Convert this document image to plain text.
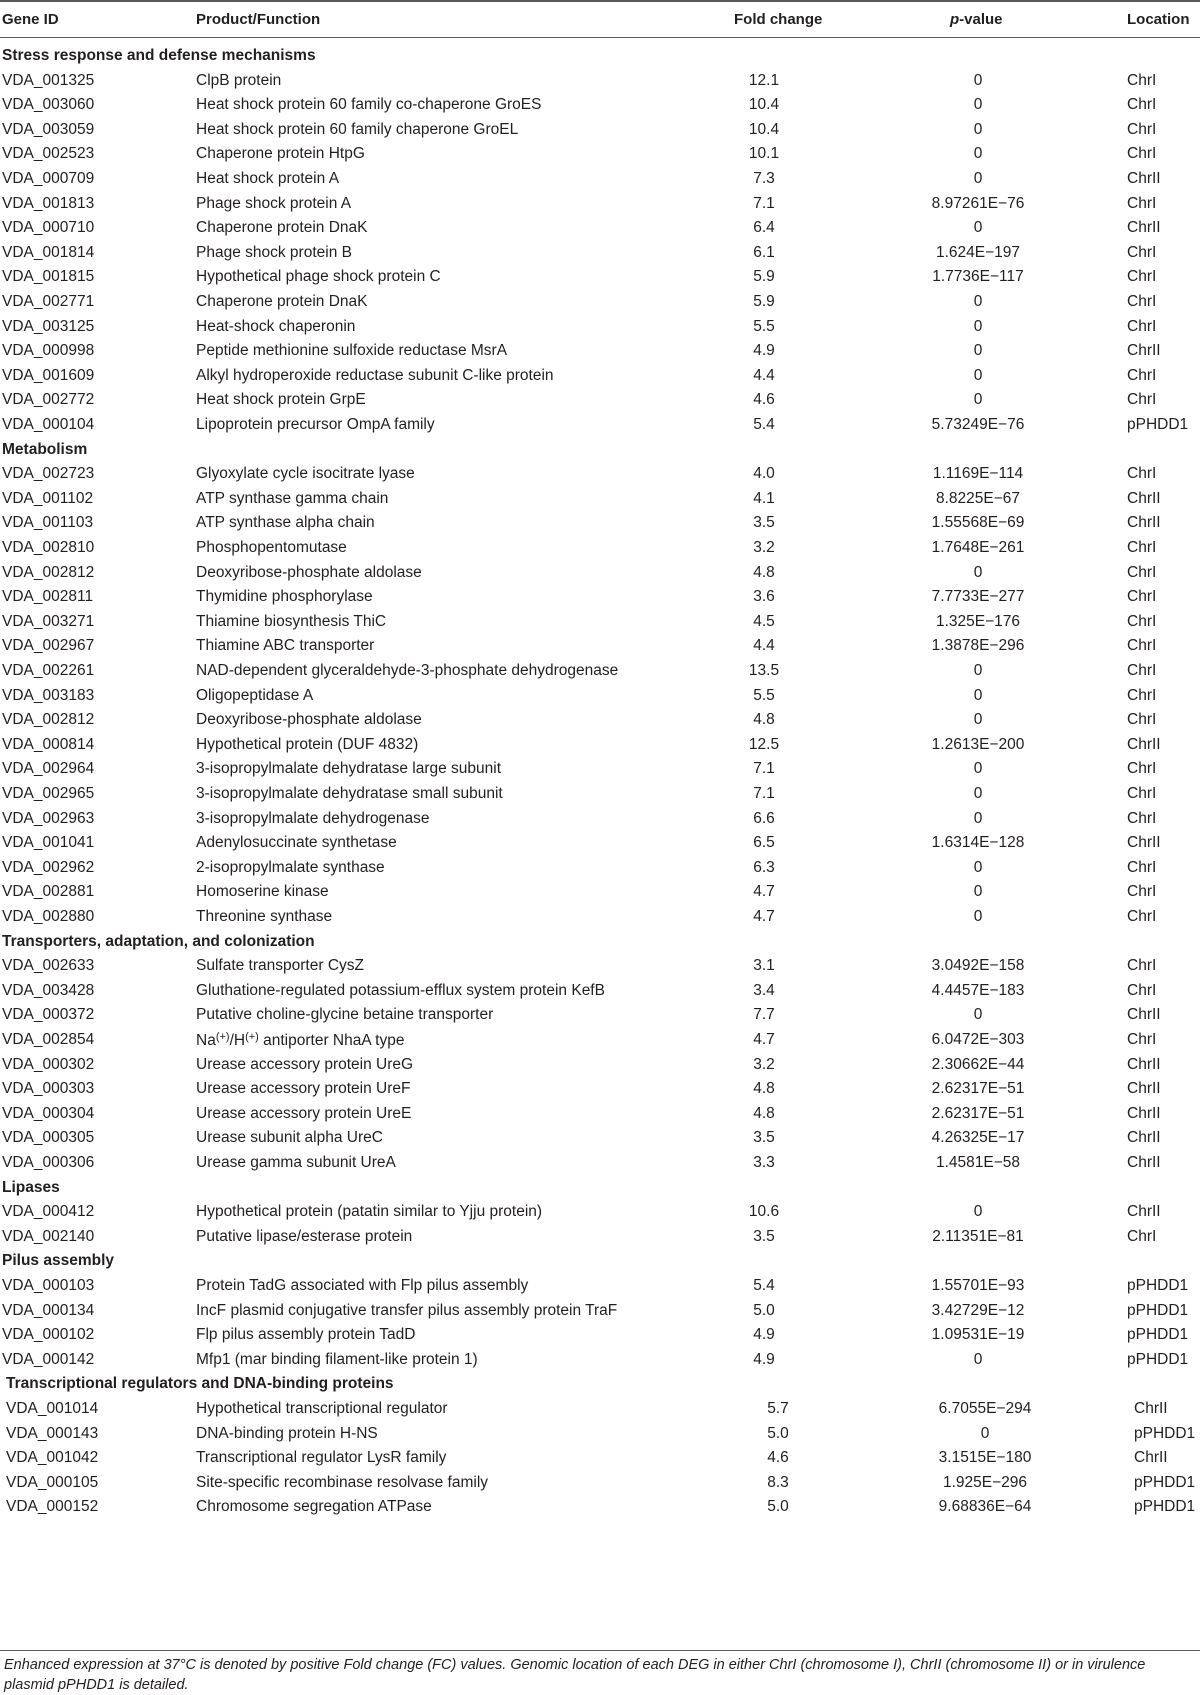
Gene ID	Product/Function	Fold change	p-value	Location
Stress response and defense mechanisms
VDA_001325	ClpB protein	12.1	0	ChrI
VDA_003060	Heat shock protein 60 family co-chaperone GroES	10.4	0	ChrI
VDA_003059	Heat shock protein 60 family chaperone GroEL	10.4	0	ChrI
VDA_002523	Chaperone protein HtpG	10.1	0	ChrI
VDA_000709	Heat shock protein A	7.3	0	ChrII
VDA_001813	Phage shock protein A	7.1	8.97261E−76	ChrI
VDA_000710	Chaperone protein DnaK	6.4	0	ChrII
VDA_001814	Phage shock protein B	6.1	1.624E−197	ChrI
VDA_001815	Hypothetical phage shock protein C	5.9	1.7736E−117	ChrI
VDA_002771	Chaperone protein DnaK	5.9	0	ChrI
VDA_003125	Heat-shock chaperonin	5.5	0	ChrI
VDA_000998	Peptide methionine sulfoxide reductase MsrA	4.9	0	ChrII
VDA_001609	Alkyl hydroperoxide reductase subunit C-like protein	4.4	0	ChrI
VDA_002772	Heat shock protein GrpE	4.6	0	ChrI
VDA_000104	Lipoprotein precursor OmpA family	5.4	5.73249E−76	pPHDD1
Metabolism
VDA_002723	Glyoxylate cycle isocitrate lyase	4.0	1.1169E−114	ChrI
VDA_001102	ATP synthase gamma chain	4.1	8.8225E−67	ChrII
VDA_001103	ATP synthase alpha chain	3.5	1.55568E−69	ChrII
VDA_002810	Phosphopentomutase	3.2	1.7648E−261	ChrI
VDA_002812	Deoxyribose-phosphate aldolase	4.8	0	ChrI
VDA_002811	Thymidine phosphorylase	3.6	7.7733E−277	ChrI
VDA_003271	Thiamine biosynthesis ThiC	4.5	1.325E−176	ChrI
VDA_002967	Thiamine ABC transporter	4.4	1.3878E−296	ChrI
VDA_002261	NAD-dependent glyceraldehyde-3-phosphate dehydrogenase	13.5	0	ChrI
VDA_003183	Oligopeptidase A	5.5	0	ChrI
VDA_002812	Deoxyribose-phosphate aldolase	4.8	0	ChrI
VDA_000814	Hypothetical protein (DUF 4832)	12.5	1.2613E−200	ChrII
VDA_002964	3-isopropylmalate dehydratase large subunit	7.1	0	ChrI
VDA_002965	3-isopropylmalate dehydratase small subunit	7.1	0	ChrI
VDA_002963	3-isopropylmalate dehydrogenase	6.6	0	ChrI
VDA_001041	Adenylosuccinate synthetase	6.5	1.6314E−128	ChrII
VDA_002962	2-isopropylmalate synthase	6.3	0	ChrI
VDA_002881	Homoserine kinase	4.7	0	ChrI
VDA_002880	Threonine synthase	4.7	0	ChrI
Transporters, adaptation, and colonization
VDA_002633	Sulfate transporter CysZ	3.1	3.0492E−158	ChrI
VDA_003428	Gluthatione-regulated potassium-efflux system protein KefB	3.4	4.4457E−183	ChrI
VDA_000372	Putative choline-glycine betaine transporter	7.7	0	ChrII
VDA_002854	Na(+)/H(+) antiporter NhaA type	4.7	6.0472E−303	ChrI
VDA_000302	Urease accessory protein UreG	3.2	2.30662E−44	ChrII
VDA_000303	Urease accessory protein UreF	4.8	2.62317E−51	ChrII
VDA_000304	Urease accessory protein UreE	4.8	2.62317E−51	ChrII
VDA_000305	Urease subunit alpha UreC	3.5	4.26325E−17	ChrII
VDA_000306	Urease gamma subunit UreA	3.3	1.4581E−58	ChrII
Lipases
VDA_000412	Hypothetical protein (patatin similar to Yjju protein)	10.6	0	ChrII
VDA_002140	Putative lipase/esterase protein	3.5	2.11351E−81	ChrI
Pilus assembly
VDA_000103	Protein TadG associated with Flp pilus assembly	5.4	1.55701E−93	pPHDD1
VDA_000134	IncF plasmid conjugative transfer pilus assembly protein TraF	5.0	3.42729E−12	pPHDD1
VDA_000102	Flp pilus assembly protein TadD	4.9	1.09531E−19	pPHDD1
VDA_000142	Mfp1 (mar binding filament-like protein 1)	4.9	0	pPHDD1
Transcriptional regulators and DNA-binding proteins
VDA_001014	Hypothetical transcriptional regulator	5.7	6.7055E−294	ChrII
VDA_000143	DNA-binding protein H-NS	5.0	0	pPHDD1
VDA_001042	Transcriptional regulator LysR family	4.6	3.1515E−180	ChrII
VDA_000105	Site-specific recombinase resolvase family	8.3	1.925E−296	pPHDD1
VDA_000152	Chromosome segregation ATPase	5.0	9.68836E−64	pPHDD1
Enhanced expression at 37°C is denoted by positive Fold change (FC) values. Genomic location of each DEG in either ChrI (chromosome I), ChrII (chromosome II) or in virulence plasmid pPHDD1 is detailed.
